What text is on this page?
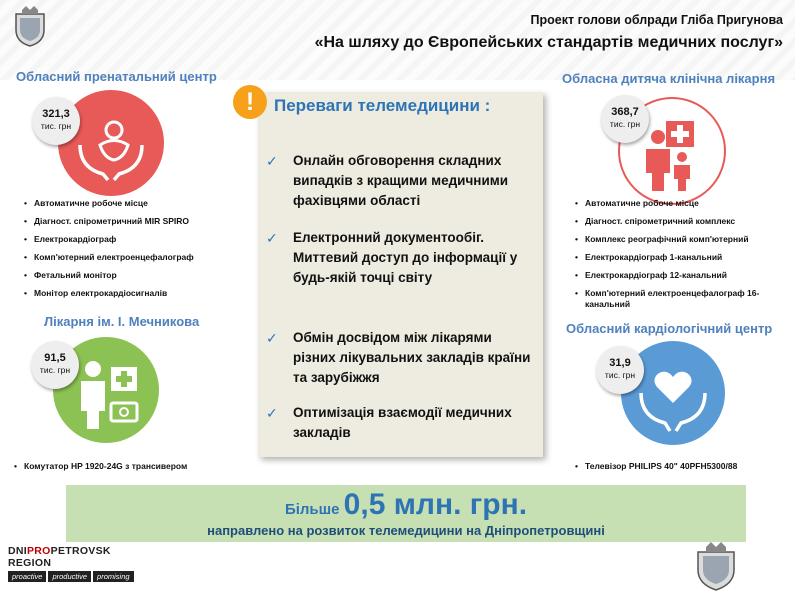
Проект голови облради Гліба Пригунова
«На шляху до Європейських стандартів медичних послуг»
Обласний пренатальний центр
321,3
тис. грн
• Автоматичне робоче місце
• Діагност. спірометричний MIR SPIRO
• Електрокардіограф
• Комп'ютерний електроенцефалограф
• Фетальний монітор
• Монітор електрокардіосигналів
Лікарня ім. І. Мечникова
91,5
тис. грн
• Комутатор HP 1920-24G з трансивером
!	Переваги телемедицини :
✓	Онлайн обговорення складних випадків з кращими медичними фахівцями області
✓	Електронний документообіг. Миттевий доступ до інформації у будь-якій точці світу
✓	Обмін досвідом між лікарями різних лікувальних закладів країни та зарубіжжя
✓	Оптимізація взаємодії медичних закладів
Обласна дитяча клінічна лікарня
368,7
тис. грн
• Автоматичне робоче місце
• Діагност. спірометричний комплекс
• Комплекс реографічний комп'ютерний
• Електрокардіограф 1-канальний
• Електрокардіограф 12-канальний
• Комп'ютерний електроенцефалограф 16-канальний
Обласний кардіологічний центр
31,9
тис. грн
• Телевізор PHILIPS 40" 40PFH5300/88
Більше 0,5 млн. грн.
направлено на розвиток телемедицини на Дніпропетровщині
DNIPROPETROVSK REGION
proactive	productive	promising
